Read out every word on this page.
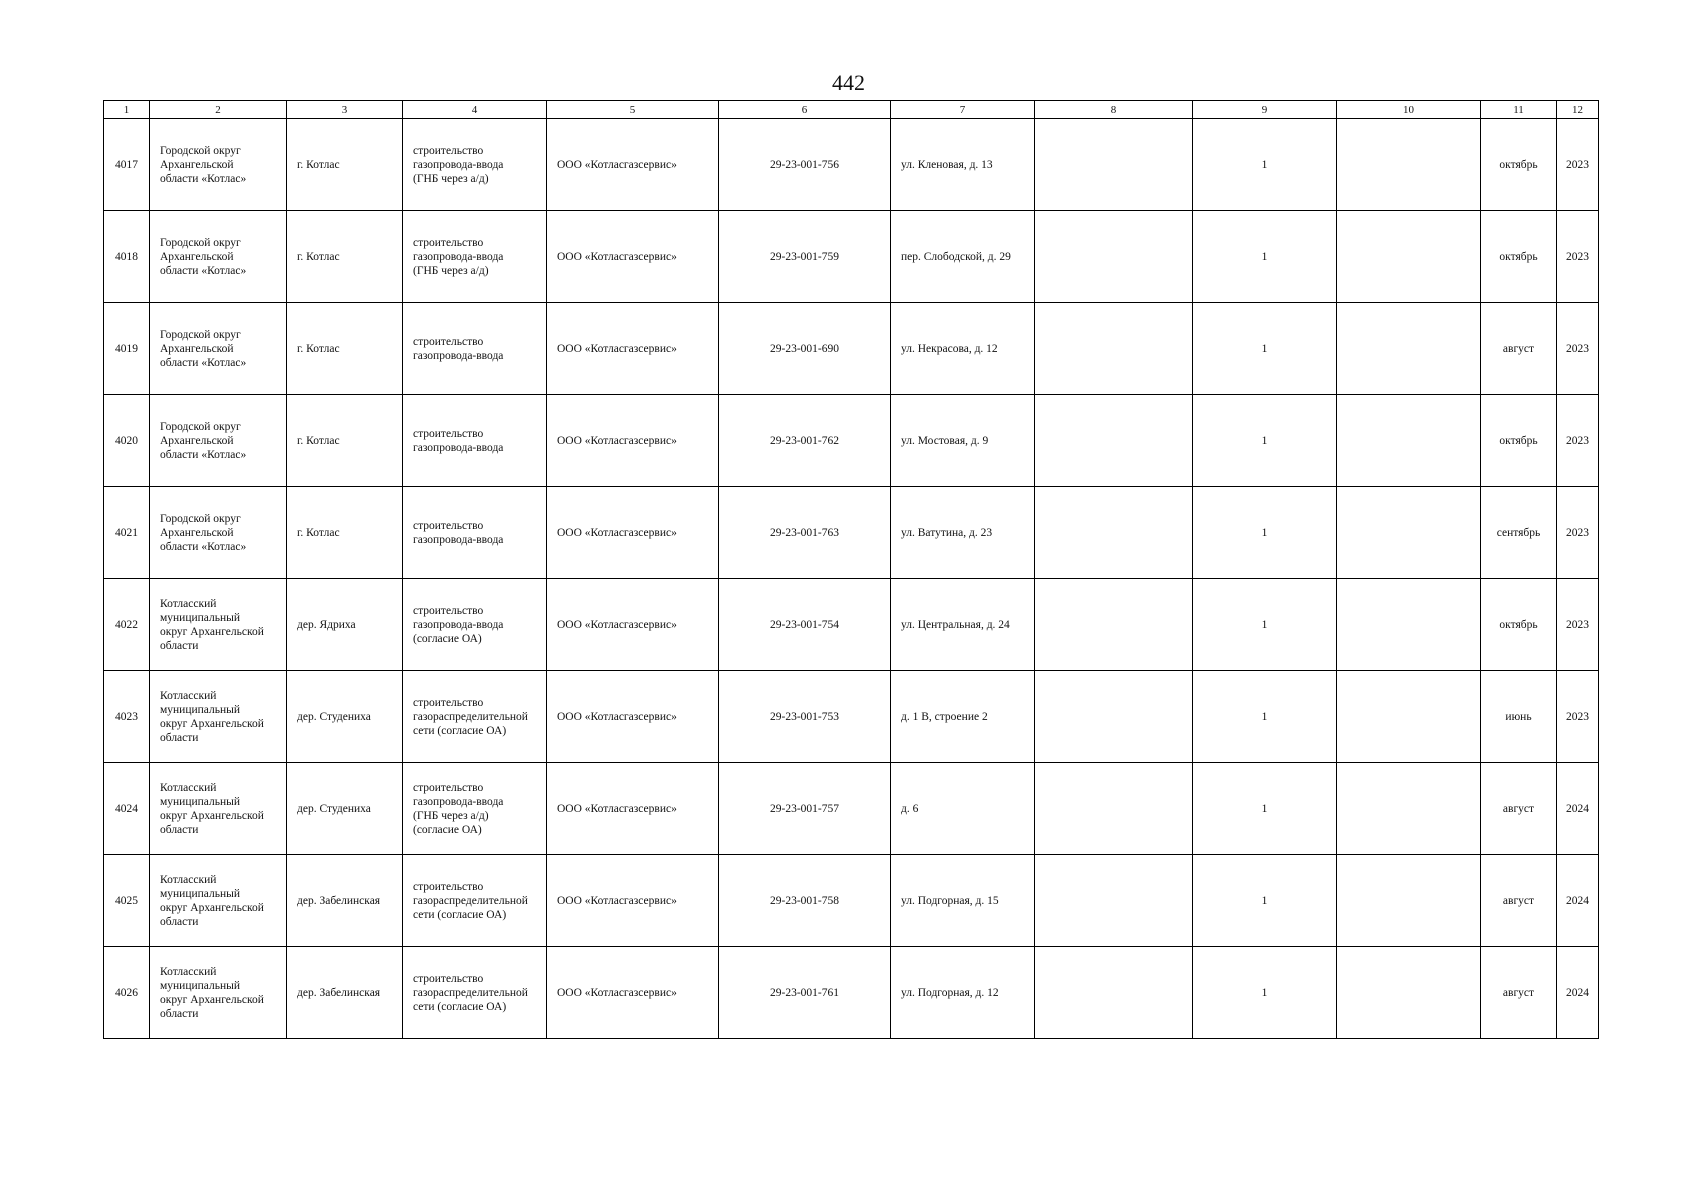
442
1	2	3	4	5	6	7	8	9	10	11	12
4017	Городской округ
Архангельской
области «Котлас»	г. Котлас	строительство
газопровода-ввода
(ГНБ через а/д)	ООО «Котласгазсервис»	29-23-001-756	ул. Кленовая, д. 13		1		октябрь	2023
4018	Городской округ
Архангельской
области «Котлас»	г. Котлас	строительство
газопровода-ввода
(ГНБ через а/д)	ООО «Котласгазсервис»	29-23-001-759	пер. Слободской, д. 29		1		октябрь	2023
4019	Городской округ
Архангельской
области «Котлас»	г. Котлас	строительство
газопровода-ввода	ООО «Котласгазсервис»	29-23-001-690	ул. Некрасова, д. 12		1		август	2023
4020	Городской округ
Архангельской
области «Котлас»	г. Котлас	строительство
газопровода-ввода	ООО «Котласгазсервис»	29-23-001-762	ул. Мостовая, д. 9		1		октябрь	2023
4021	Городской округ
Архангельской
области «Котлас»	г. Котлас	строительство
газопровода-ввода	ООО «Котласгазсервис»	29-23-001-763	ул. Ватутина, д. 23		1		сентябрь	2023
4022	Котласский
муниципальный
округ Архангельской
области	дер. Ядриха	строительство
газопровода-ввода
(согласие ОА)	ООО «Котласгазсервис»	29-23-001-754	ул. Центральная, д. 24		1		октябрь	2023
4023	Котласский
муниципальный
округ Архангельской
области	дер. Студениха	строительство
газораспределительной
сети (согласие ОА)	ООО «Котласгазсервис»	29-23-001-753	д. 1 В, строение 2		1		июнь	2023
4024	Котласский
муниципальный
округ Архангельской
области	дер. Студениха	строительство
газопровода-ввода
(ГНБ через а/д)
(согласие ОА)	ООО «Котласгазсервис»	29-23-001-757	д. 6		1		август	2024
4025	Котласский
муниципальный
округ Архангельской
области	дер. Забелинская	строительство
газораспределительной
сети (согласие ОА)	ООО «Котласгазсервис»	29-23-001-758	ул. Подгорная, д. 15		1		август	2024
4026	Котласский
муниципальный
округ Архангельской
области	дер. Забелинская	строительство
газораспределительной
сети (согласие ОА)	ООО «Котласгазсервис»	29-23-001-761	ул. Подгорная, д. 12		1		август	2024
